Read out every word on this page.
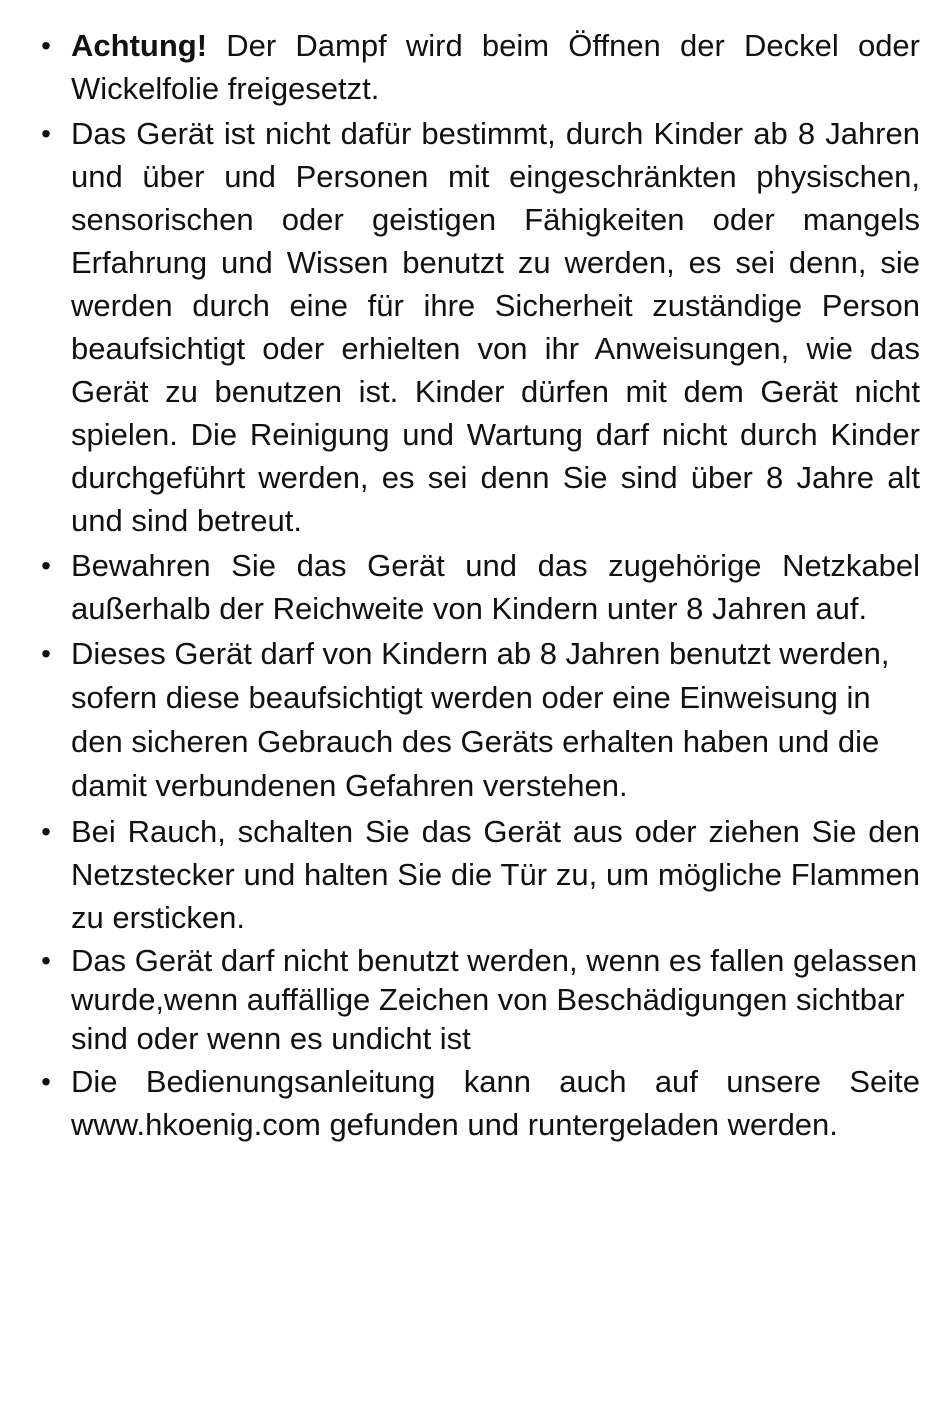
• Achtung! Der Dampf wird beim Öffnen der Deckel oder Wickelfolie freigesetzt.
• Das Gerät ist nicht dafür bestimmt, durch Kinder ab 8 Jahren und über und Personen mit eingeschränkten physischen, sensorischen oder geistigen Fähigkeiten oder mangels Erfahrung und Wissen benutzt zu werden, es sei denn, sie werden durch eine für ihre Sicherheit zuständige Person beaufsichtigt oder erhielten von ihr Anweisungen, wie das Gerät zu benutzen ist. Kinder dürfen mit dem Gerät nicht spielen. Die Reinigung und Wartung darf nicht durch Kinder durchgeführt werden, es sei denn Sie sind über 8 Jahre alt und sind betreut.
• Bewahren Sie das Gerät und das zugehörige Netzkabel außerhalb der Reichweite von Kindern unter 8 Jahren auf.
• Dieses Gerät darf von Kindern ab 8 Jahren benutzt werden, sofern diese beaufsichtigt werden oder eine Einweisung in den sicheren Gebrauch des Geräts erhalten haben und die damit verbundenen Gefahren verstehen.
• Bei Rauch, schalten Sie das Gerät aus oder ziehen Sie den Netzstecker und halten Sie die Tür zu, um mögliche Flammen zu ersticken.
• Das Gerät darf nicht benutzt werden, wenn es fallen gelassen wurde,wenn auffällige Zeichen von Beschädigungen sichtbar sind oder wenn es undicht ist
• Die Bedienungsanleitung kann auch auf unsere Seite www.hkoenig.com gefunden und runtergeladen werden.
